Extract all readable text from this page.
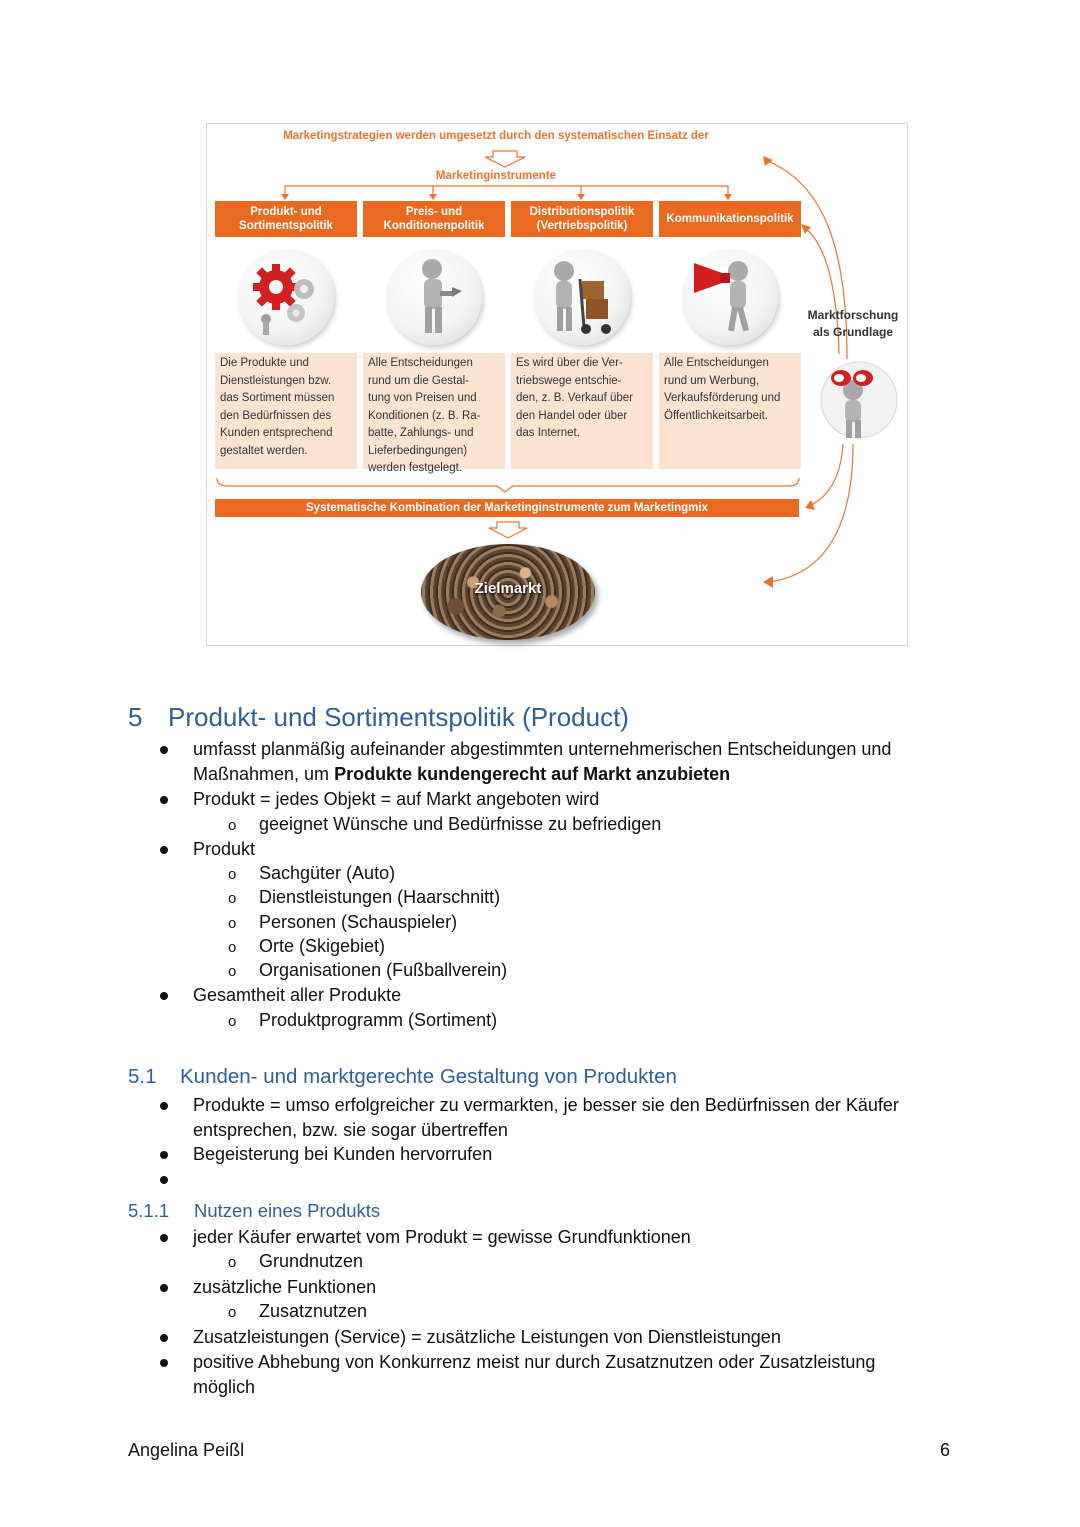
Marketingstrategien werden umgesetzt durch den systematischen Einsatz der
Marketinginstrumente
Produkt- und
Sortimentspolitik
Die Produkte und
Dienstleistungen bzw.
das Sortiment müssen
den Bedürfnissen des
Kunden entsprechend
gestaltet werden.
Preis- und
Konditionenpolitik
Alle Entscheidungen
rund um die Gestal-
tung von Preisen und
Konditionen (z. B. Ra-
batte, Zahlungs- und
Lieferbedingungen)
werden festgelegt.
Distributionspolitik
(Vertriebspolitik)
Es wird über die Ver-
triebswege entschie-
den, z. B. Verkauf über
den Handel oder über
das Internet.
Kommunikationspolitik
Alle Entscheidungen
rund um Werbung,
Verkaufsförderung und
Öffentlichkeitsarbeit.
Marktforschung
als Grundlage
Systematische Kombination der Marketinginstrumente zum Marketingmix
Zielmarkt
5 Produkt- und Sortimentspolitik (Product)
umfasst planmäßig aufeinander abgestimmten unternehmerischen Entscheidungen und
Maßnahmen, um Produkte kundengerecht auf Markt anzubieten
Produkt = jedes Objekt = auf Markt angeboten wird
o geeignet Wünsche und Bedürfnisse zu befriedigen
Produkt
o Sachgüter (Auto)
o Dienstleistungen (Haarschnitt)
o Personen (Schauspieler)
o Orte (Skigebiet)
o Organisationen (Fußballverein)
Gesamtheit aller Produkte
o Produktprogramm (Sortiment)
5.1 Kunden- und marktgerechte Gestaltung von Produkten
Produkte = umso erfolgreicher zu vermarkten, je besser sie den Bedürfnissen der Käufer
entsprechen, bzw. sie sogar übertreffen
Begeisterung bei Kunden hervorrufen
5.1.1 Nutzen eines Produkts
jeder Käufer erwartet vom Produkt = gewisse Grundfunktionen
o Grundnutzen
zusätzliche Funktionen
o Zusatznutzen
Zusatzleistungen (Service) = zusätzliche Leistungen von Dienstleistungen
positive Abhebung von Konkurrenz meist nur durch Zusatznutzen oder Zusatzleistung
möglich
Angelina Peißl	6
